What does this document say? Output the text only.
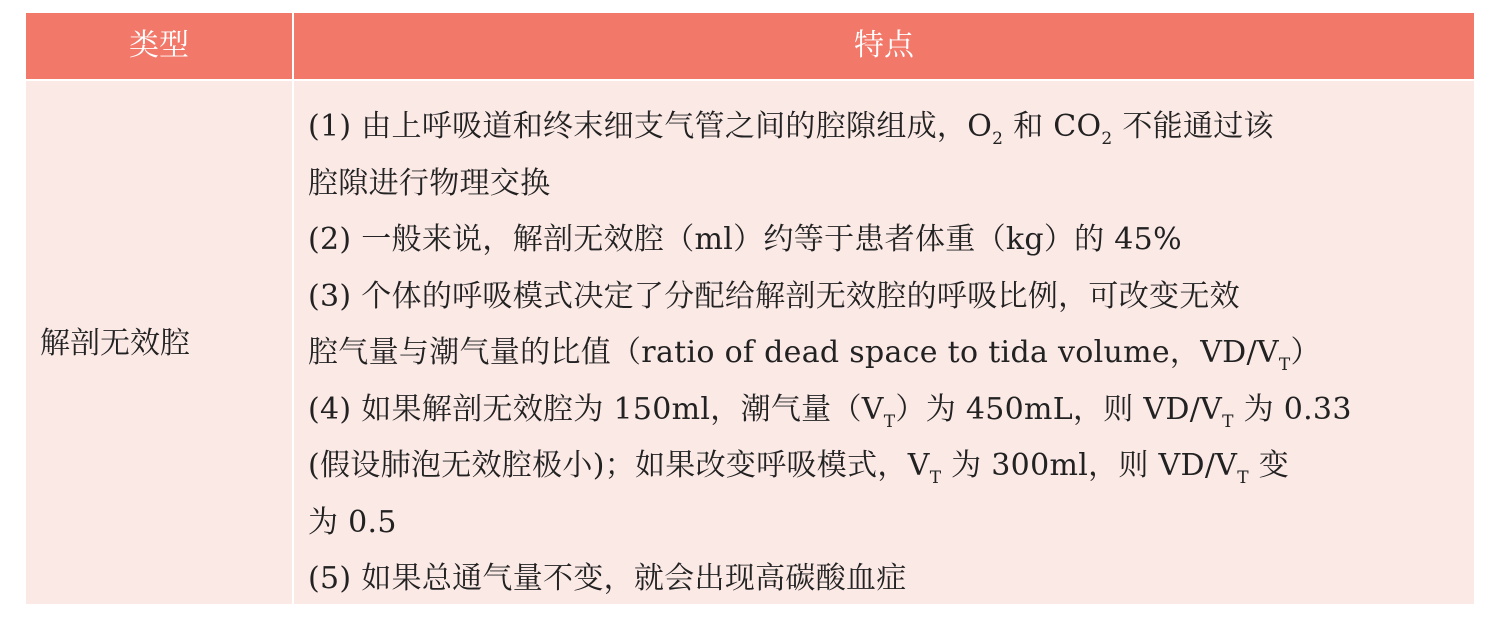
类型	特点
解剖无效腔
(1) 由上呼吸道和终末细支气管之间的腔隙组成，$O_2$ 和 $CO_2$ 不能通过该
腔隙进行物理交换
(2) 一般来说，解剖无效腔（ml）约等于患者体重（kg）的 45%
(3) 个体的呼吸模式决定了分配给解剖无效腔的呼吸比例，可改变无效
腔气量与潮气量的比值（ratio of dead space to tida volume，$VD/V_T$）
(4) 如果解剖无效腔为 150ml，潮气量$(V_T)$为 450mL，则 $VD/V_T$ 为 0.33
(假设肺泡无效腔极小)；如果改变呼吸模式，$V_T$ 为 300ml，则 $VD/V_T$ 变
为 0.5
(5) 如果总通气量不变，就会出现高碳酸血症
